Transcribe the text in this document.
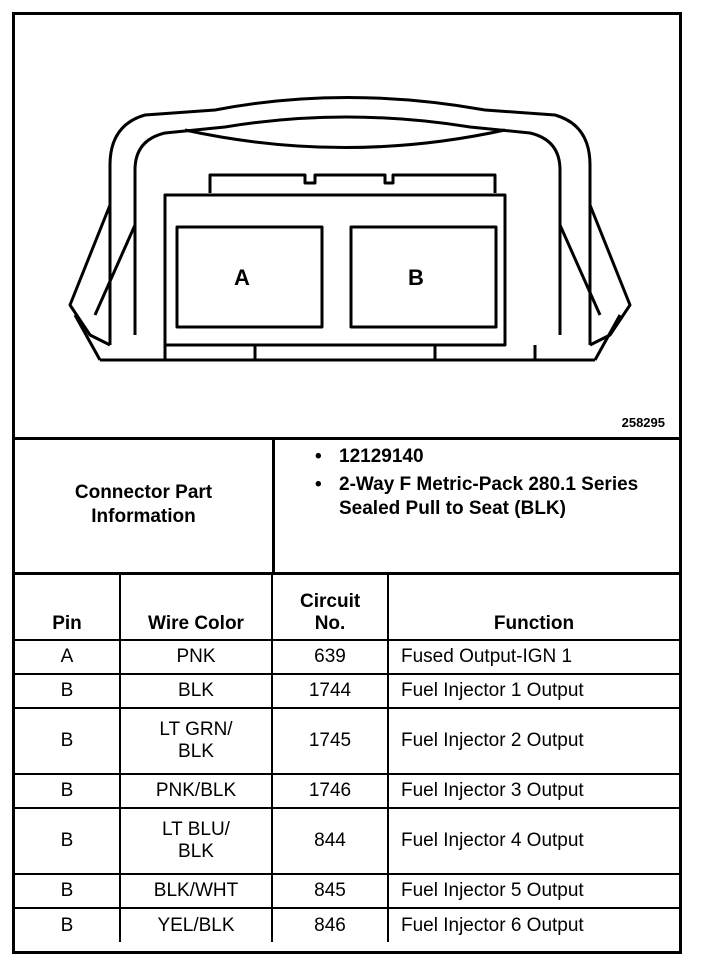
A	B
258295
Connector Part Information
• 12129140
• 2-Way F Metric-Pack 280.1 Series Sealed Pull to Seat (BLK)
Pin	Wire Color	Circuit No.	Function
A	PNK	639	Fused Output-IGN 1
B	BLK	1744	Fuel Injector 1 Output
B	LT GRN/ BLK	1745	Fuel Injector 2 Output
B	PNK/BLK	1746	Fuel Injector 3 Output
B	LT BLU/ BLK	844	Fuel Injector 4 Output
B	BLK/WHT	845	Fuel Injector 5 Output
B	YEL/BLK	846	Fuel Injector 6 Output
